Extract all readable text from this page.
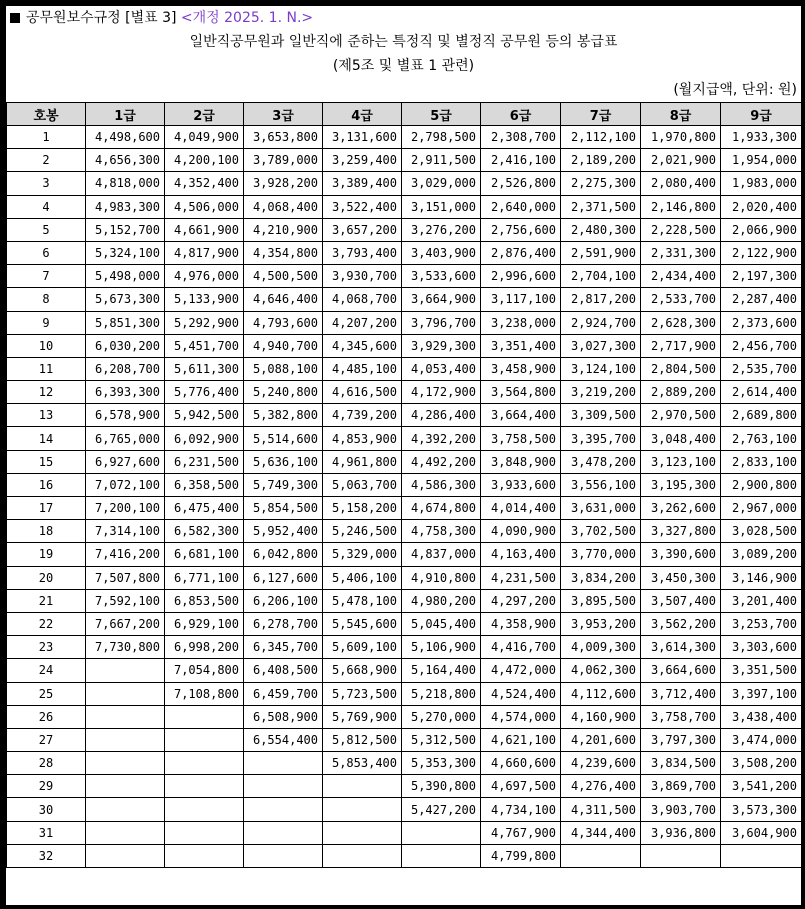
공무원보수규정 [별표 3] <개정 2025. 1. N.>
일반직공무원과 일반직에 준하는 특정직 및 별정직 공무원 등의 봉급표
(제5조 및 별표 1 관련)
(월지급액, 단위: 원)
호봉	1급	2급	3급	4급	5급	6급	7급	8급	9급
1	4,498,600	4,049,900	3,653,800	3,131,600	2,798,500	2,308,700	2,112,100	1,970,800	1,933,300
2	4,656,300	4,200,100	3,789,000	3,259,400	2,911,500	2,416,100	2,189,200	2,021,900	1,954,000
3	4,818,000	4,352,400	3,928,200	3,389,400	3,029,000	2,526,800	2,275,300	2,080,400	1,983,000
4	4,983,300	4,506,000	4,068,400	3,522,400	3,151,000	2,640,000	2,371,500	2,146,800	2,020,400
5	5,152,700	4,661,900	4,210,900	3,657,200	3,276,200	2,756,600	2,480,300	2,228,500	2,066,900
6	5,324,100	4,817,900	4,354,800	3,793,400	3,403,900	2,876,400	2,591,900	2,331,300	2,122,900
7	5,498,000	4,976,000	4,500,500	3,930,700	3,533,600	2,996,600	2,704,100	2,434,400	2,197,300
8	5,673,300	5,133,900	4,646,400	4,068,700	3,664,900	3,117,100	2,817,200	2,533,700	2,287,400
9	5,851,300	5,292,900	4,793,600	4,207,200	3,796,700	3,238,000	2,924,700	2,628,300	2,373,600
10	6,030,200	5,451,700	4,940,700	4,345,600	3,929,300	3,351,400	3,027,300	2,717,900	2,456,700
11	6,208,700	5,611,300	5,088,100	4,485,100	4,053,400	3,458,900	3,124,100	2,804,500	2,535,700
12	6,393,300	5,776,400	5,240,800	4,616,500	4,172,900	3,564,800	3,219,200	2,889,200	2,614,400
13	6,578,900	5,942,500	5,382,800	4,739,200	4,286,400	3,664,400	3,309,500	2,970,500	2,689,800
14	6,765,000	6,092,900	5,514,600	4,853,900	4,392,200	3,758,500	3,395,700	3,048,400	2,763,100
15	6,927,600	6,231,500	5,636,100	4,961,800	4,492,200	3,848,900	3,478,200	3,123,100	2,833,100
16	7,072,100	6,358,500	5,749,300	5,063,700	4,586,300	3,933,600	3,556,100	3,195,300	2,900,800
17	7,200,100	6,475,400	5,854,500	5,158,200	4,674,800	4,014,400	3,631,000	3,262,600	2,967,000
18	7,314,100	6,582,300	5,952,400	5,246,500	4,758,300	4,090,900	3,702,500	3,327,800	3,028,500
19	7,416,200	6,681,100	6,042,800	5,329,000	4,837,000	4,163,400	3,770,000	3,390,600	3,089,200
20	7,507,800	6,771,100	6,127,600	5,406,100	4,910,800	4,231,500	3,834,200	3,450,300	3,146,900
21	7,592,100	6,853,500	6,206,100	5,478,100	4,980,200	4,297,200	3,895,500	3,507,400	3,201,400
22	7,667,200	6,929,100	6,278,700	5,545,600	5,045,400	4,358,900	3,953,200	3,562,200	3,253,700
23	7,730,800	6,998,200	6,345,700	5,609,100	5,106,900	4,416,700	4,009,300	3,614,300	3,303,600
24		7,054,800	6,408,500	5,668,900	5,164,400	4,472,000	4,062,300	3,664,600	3,351,500
25		7,108,800	6,459,700	5,723,500	5,218,800	4,524,400	4,112,600	3,712,400	3,397,100
26			6,508,900	5,769,900	5,270,000	4,574,000	4,160,900	3,758,700	3,438,400
27			6,554,400	5,812,500	5,312,500	4,621,100	4,201,600	3,797,300	3,474,000
28				5,853,400	5,353,300	4,660,600	4,239,600	3,834,500	3,508,200
29					5,390,800	4,697,500	4,276,400	3,869,700	3,541,200
30					5,427,200	4,734,100	4,311,500	3,903,700	3,573,300
31						4,767,900	4,344,400	3,936,800	3,604,900
32						4,799,800			
